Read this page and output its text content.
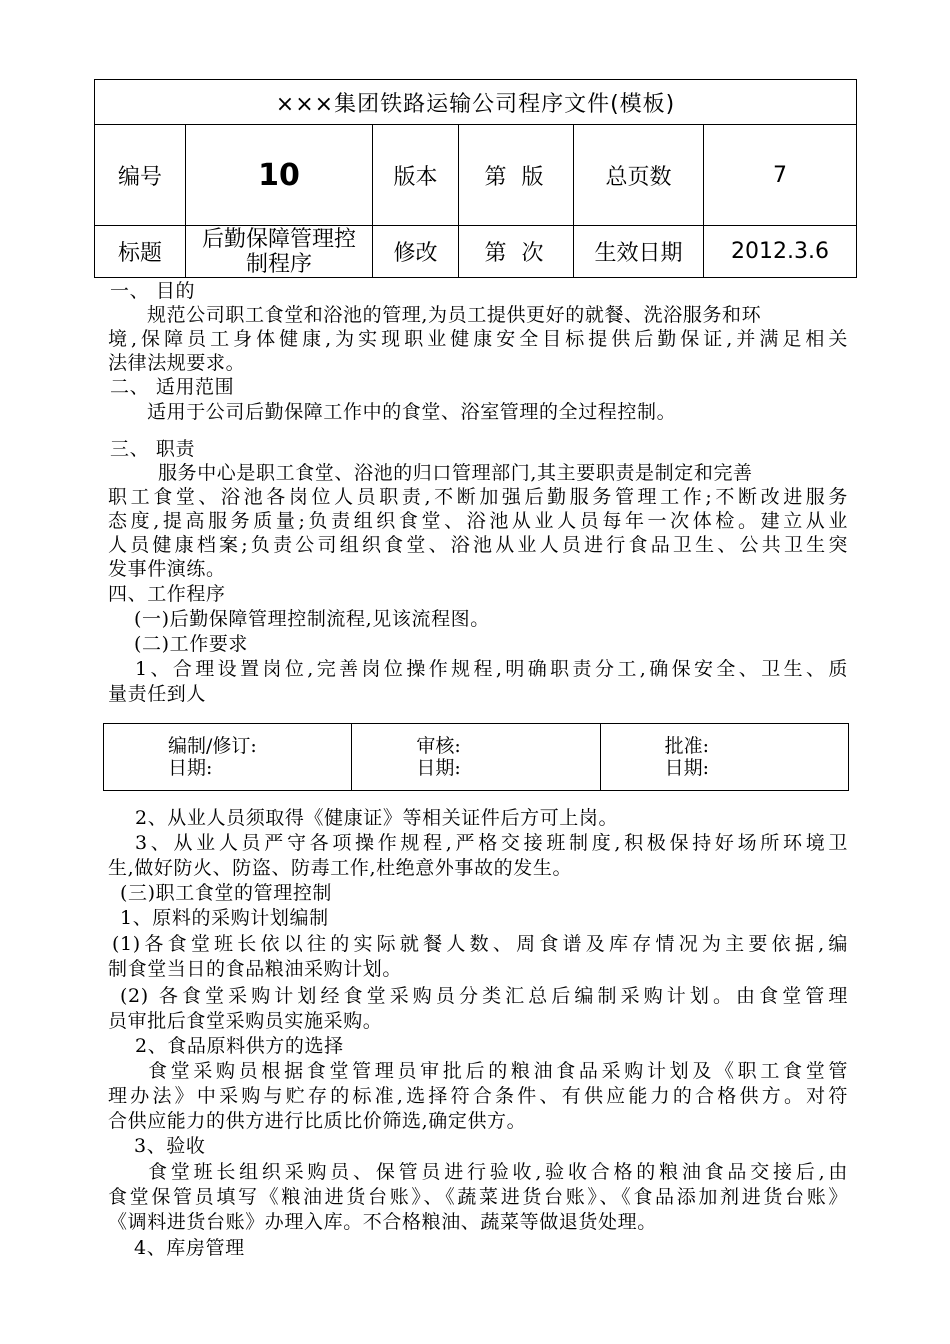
×××集团铁路运输公司程序文件(模板)					
编号	10	版本	第 版	总页数	7
标题	后勤保障管理控制程序	修改	第 次	生效日期	2012.3.6
一、 目的
规范公司职工食堂和浴池的管理,为员工提供更好的就餐、洗浴服务和环
境,保障员工身体健康,为实现职业健康安全目标提供后勤保证,并满足相关
法律法规要求。
二、 适用范围
适用于公司后勤保障工作中的食堂、浴室管理的全过程控制。
三、 职责
服务中心是职工食堂、浴池的归口管理部门,其主要职责是制定和完善
职工食堂、浴池各岗位人员职责,不断加强后勤服务管理工作;不断改进服务
态度,提高服务质量;负责组织食堂、浴池从业人员每年一次体检。建立从业
人员健康档案;负责公司组织食堂、浴池从业人员进行食品卫生、公共卫生突
发事件演练。
四、工作程序
(一)后勤保障管理控制流程,见该流程图。
(二)工作要求
1、合理设置岗位,完善岗位操作规程,明确职责分工,确保安全、卫生、质
量责任到人
编制/修订:
日期:

审核:
日期:

批准:
日期:
2、从业人员须取得《健康证》等相关证件后方可上岗。
3、从业人员严守各项操作规程,严格交接班制度,积极保持好场所环境卫
生,做好防火、防盗、防毒工作,杜绝意外事故的发生。
(三)职工食堂的管理控制
1、原料的采购计划编制
(1)各食堂班长依以往的实际就餐人数、周食谱及库存情况为主要依据,编
制食堂当日的食品粮油采购计划。
(2) 各食堂采购计划经食堂采购员分类汇总后编制采购计划。由食堂管理
员审批后食堂采购员实施采购。
2、食品原料供方的选择
食堂采购员根据食堂管理员审批后的粮油食品采购计划及《职工食堂管
理办法》中采购与贮存的标准,选择符合条件、有供应能力的合格供方。对符
合供应能力的供方进行比质比价筛选,确定供方。
3、验收
食堂班长组织采购员、保管员进行验收,验收合格的粮油食品交接后,由
食堂保管员填写《粮油进货台账》、《蔬菜进货台账》、《食品添加剂进货台账》
《调料进货台账》办理入库。不合格粮油、蔬菜等做退货处理。
4、库房管理
